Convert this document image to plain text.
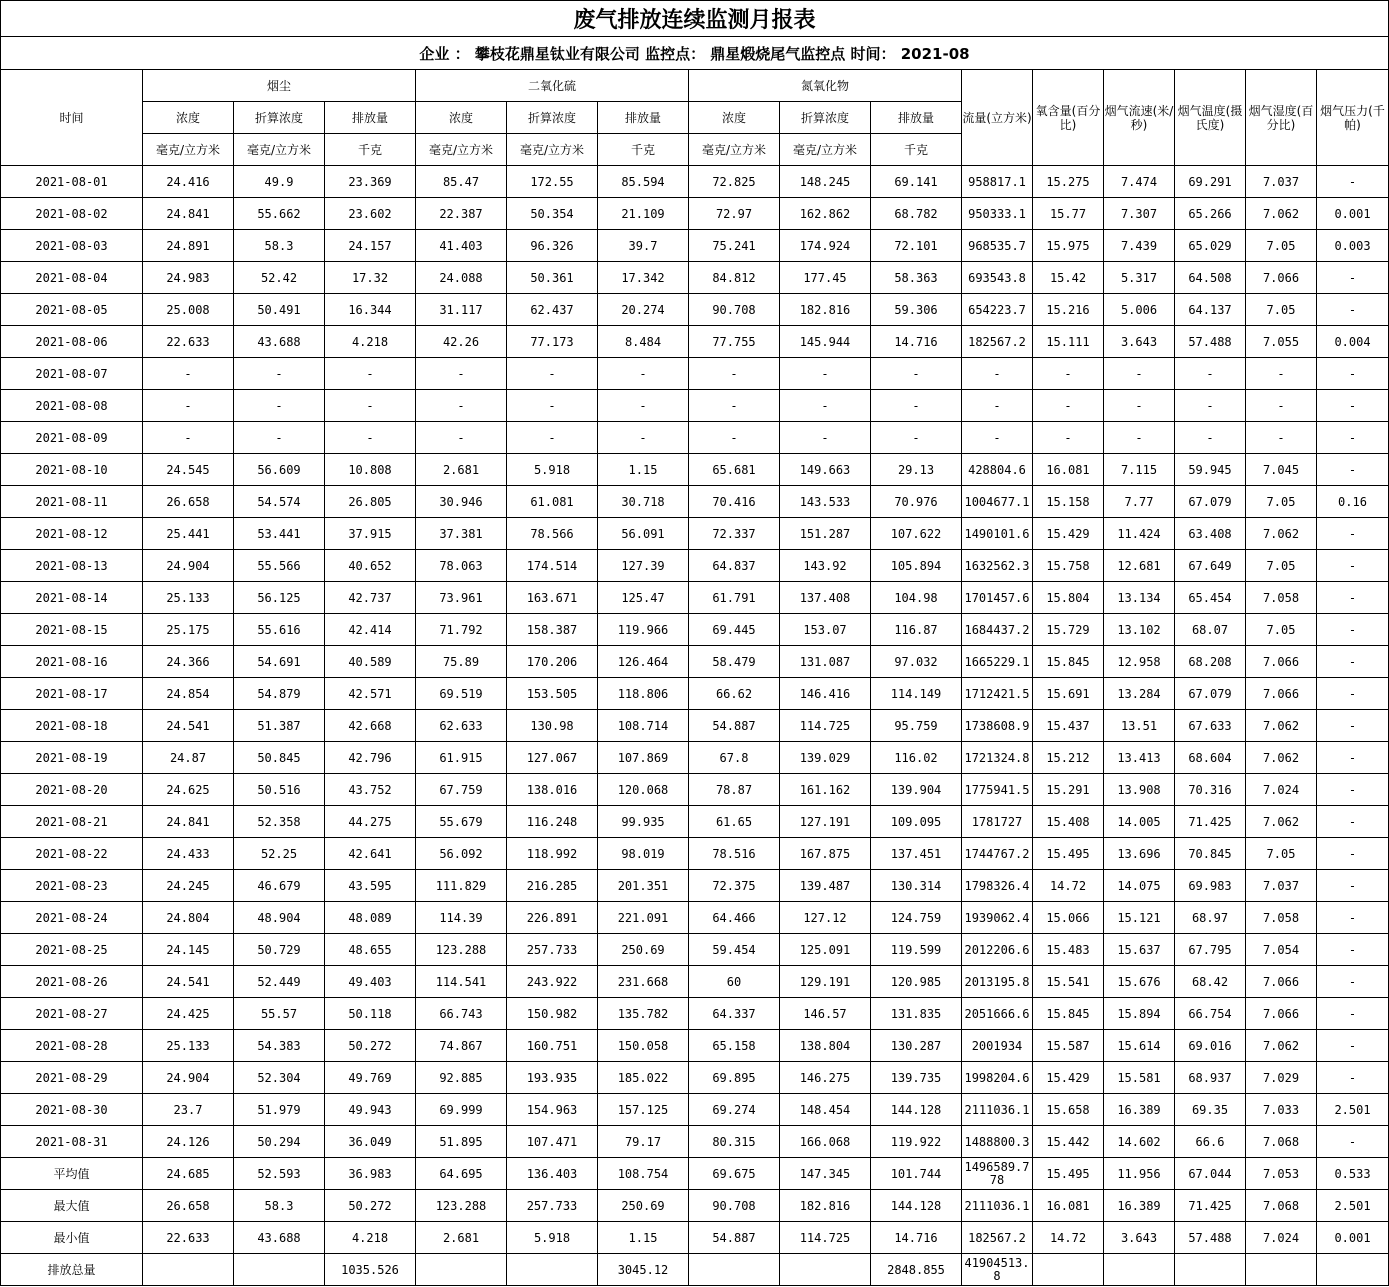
废气排放连续监测月报表															
企业 ： 攀枝花鼎星钛业有限公司 监控点： 鼎星煅烧尾气监控点 时间： 2021-08															
时间	烟尘			二氧化硫			氮氧化物			流量(立方米)	氧含量(百分比)	烟气流速(米/秒)	烟气温度(摄氏度)	烟气湿度(百分比)	烟气压力(千帕)
	浓度	折算浓度	排放量	浓度	折算浓度	排放量	浓度	折算浓度	排放量						
	毫克/立方米	毫克/立方米	千克	毫克/立方米	毫克/立方米	千克	毫克/立方米	毫克/立方米	千克						
2021-08-01	24.416	49.9	23.369	85.47	172.55	85.594	72.825	148.245	69.141	958817.1	15.275	7.474	69.291	7.037	-
2021-08-02	24.841	55.662	23.602	22.387	50.354	21.109	72.97	162.862	68.782	950333.1	15.77	7.307	65.266	7.062	0.001
2021-08-03	24.891	58.3	24.157	41.403	96.326	39.7	75.241	174.924	72.101	968535.7	15.975	7.439	65.029	7.05	0.003
2021-08-04	24.983	52.42	17.32	24.088	50.361	17.342	84.812	177.45	58.363	693543.8	15.42	5.317	64.508	7.066	-
2021-08-05	25.008	50.491	16.344	31.117	62.437	20.274	90.708	182.816	59.306	654223.7	15.216	5.006	64.137	7.05	-
2021-08-06	22.633	43.688	4.218	42.26	77.173	8.484	77.755	145.944	14.716	182567.2	15.111	3.643	57.488	7.055	0.004
2021-08-07	-	-	-	-	-	-	-	-	-	-	-	-	-	-	-
2021-08-08	-	-	-	-	-	-	-	-	-	-	-	-	-	-	-
2021-08-09	-	-	-	-	-	-	-	-	-	-	-	-	-	-	-
2021-08-10	24.545	56.609	10.808	2.681	5.918	1.15	65.681	149.663	29.13	428804.6	16.081	7.115	59.945	7.045	-
2021-08-11	26.658	54.574	26.805	30.946	61.081	30.718	70.416	143.533	70.976	1004677.1	15.158	7.77	67.079	7.05	0.16
2021-08-12	25.441	53.441	37.915	37.381	78.566	56.091	72.337	151.287	107.622	1490101.6	15.429	11.424	63.408	7.062	-
2021-08-13	24.904	55.566	40.652	78.063	174.514	127.39	64.837	143.92	105.894	1632562.3	15.758	12.681	67.649	7.05	-
2021-08-14	25.133	56.125	42.737	73.961	163.671	125.47	61.791	137.408	104.98	1701457.6	15.804	13.134	65.454	7.058	-
2021-08-15	25.175	55.616	42.414	71.792	158.387	119.966	69.445	153.07	116.87	1684437.2	15.729	13.102	68.07	7.05	-
2021-08-16	24.366	54.691	40.589	75.89	170.206	126.464	58.479	131.087	97.032	1665229.1	15.845	12.958	68.208	7.066	-
2021-08-17	24.854	54.879	42.571	69.519	153.505	118.806	66.62	146.416	114.149	1712421.5	15.691	13.284	67.079	7.066	-
2021-08-18	24.541	51.387	42.668	62.633	130.98	108.714	54.887	114.725	95.759	1738608.9	15.437	13.51	67.633	7.062	-
2021-08-19	24.87	50.845	42.796	61.915	127.067	107.869	67.8	139.029	116.02	1721324.8	15.212	13.413	68.604	7.062	-
2021-08-20	24.625	50.516	43.752	67.759	138.016	120.068	78.87	161.162	139.904	1775941.5	15.291	13.908	70.316	7.024	-
2021-08-21	24.841	52.358	44.275	55.679	116.248	99.935	61.65	127.191	109.095	1781727	15.408	14.005	71.425	7.062	-
2021-08-22	24.433	52.25	42.641	56.092	118.992	98.019	78.516	167.875	137.451	1744767.2	15.495	13.696	70.845	7.05	-
2021-08-23	24.245	46.679	43.595	111.829	216.285	201.351	72.375	139.487	130.314	1798326.4	14.72	14.075	69.983	7.037	-
2021-08-24	24.804	48.904	48.089	114.39	226.891	221.091	64.466	127.12	124.759	1939062.4	15.066	15.121	68.97	7.058	-
2021-08-25	24.145	50.729	48.655	123.288	257.733	250.69	59.454	125.091	119.599	2012206.6	15.483	15.637	67.795	7.054	-
2021-08-26	24.541	52.449	49.403	114.541	243.922	231.668	60	129.191	120.985	2013195.8	15.541	15.676	68.42	7.066	-
2021-08-27	24.425	55.57	50.118	66.743	150.982	135.782	64.337	146.57	131.835	2051666.6	15.845	15.894	66.754	7.066	-
2021-08-28	25.133	54.383	50.272	74.867	160.751	150.058	65.158	138.804	130.287	2001934	15.587	15.614	69.016	7.062	-
2021-08-29	24.904	52.304	49.769	92.885	193.935	185.022	69.895	146.275	139.735	1998204.6	15.429	15.581	68.937	7.029	-
2021-08-30	23.7	51.979	49.943	69.999	154.963	157.125	69.274	148.454	144.128	2111036.1	15.658	16.389	69.35	7.033	2.501
2021-08-31	24.126	50.294	36.049	51.895	107.471	79.17	80.315	166.068	119.922	1488800.3	15.442	14.602	66.6	7.068	-
平均值	24.685	52.593	36.983	64.695	136.403	108.754	69.675	147.345	101.744	1496589.778	15.495	11.956	67.044	7.053	0.533
最大值	26.658	58.3	50.272	123.288	257.733	250.69	90.708	182.816	144.128	2111036.1	16.081	16.389	71.425	7.068	2.501
最小值	22.633	43.688	4.218	2.681	5.918	1.15	54.887	114.725	14.716	182567.2	14.72	3.643	57.488	7.024	0.001
排放总量			1035.526			3045.12			2848.855	41904513.8					
